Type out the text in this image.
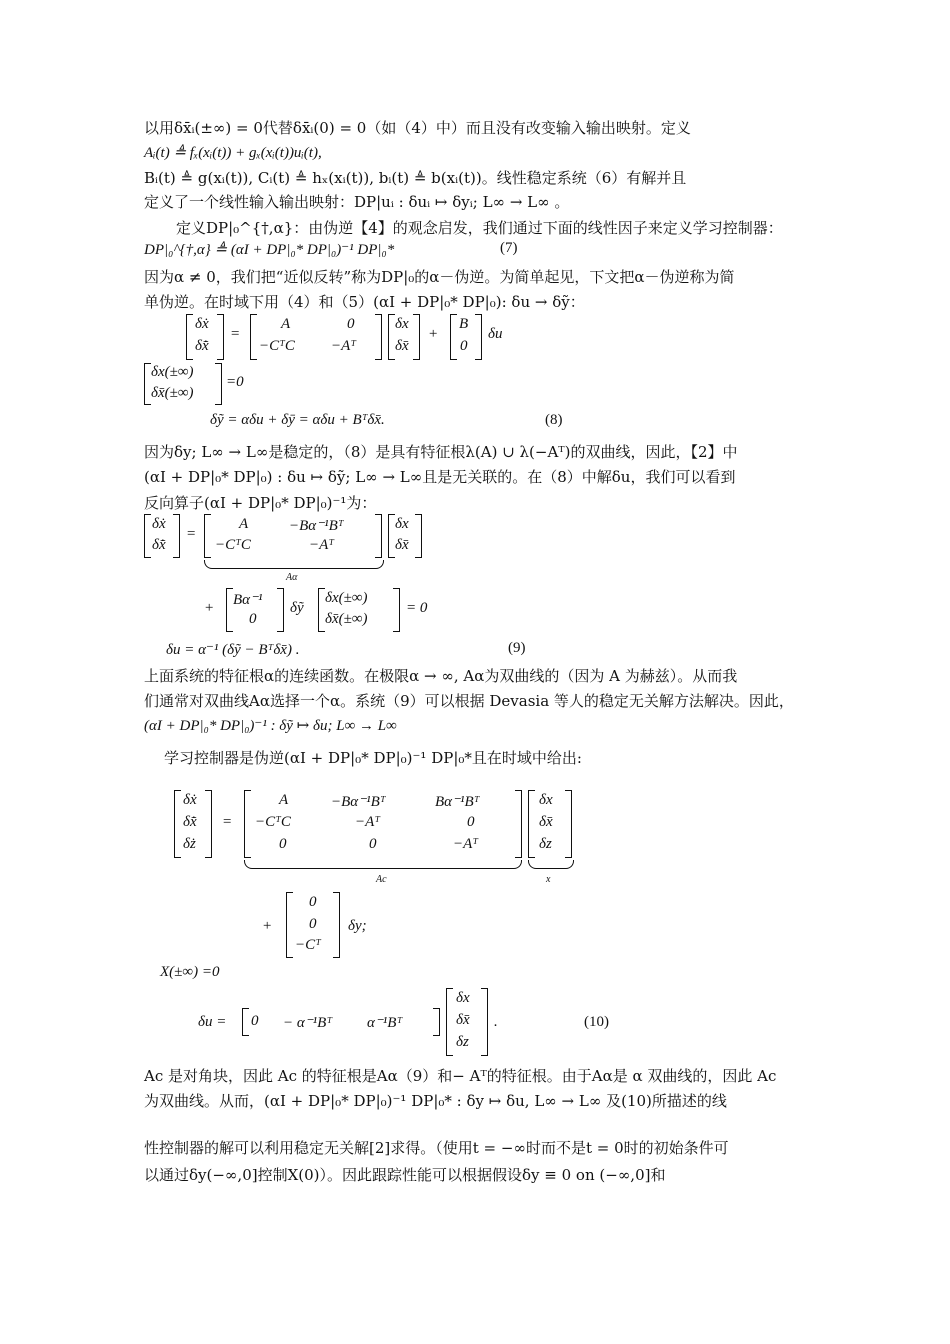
以用δx̄ᵢ(±∞) = 0代替δx̄ᵢ(0) = 0（如（4）中）而且没有改变输入输出映射。定义
Aᵢ(t) ≜ fₓ(xᵢ(t)) + gₓ(xᵢ(t))uᵢ(t),
Bᵢ(t) ≜ g(xᵢ(t)), Cᵢ(t) ≜ hₓ(xᵢ(t)), bᵢ(t) ≜ b(xᵢ(t))。线性稳定系统（6）有解并且
定义了一个线性输入输出映射：DP|uᵢ : δuᵢ ↦ δyᵢ; L∞ → L∞ 。
定义DP|₀^{†,α}：由伪逆【4】的观念启发，我们通过下面的线性因子来定义学习控制器：
DP|₀^{†,α} ≜ (αI + DP|₀* DP|₀)⁻¹ DP|₀*	(7)
因为α ≠ 0，我们把“近似反转”称为DP|₀的α－伪逆。为简单起见，下文把α－伪逆称为简
单伪逆。在时域下用（4）和（5）(αI + DP|₀* DP|₀): δu → δỹ：
δẋ
δx̄̇
=
A	0
−CᵀC −Aᵀ
δx
δx̄
+
B
0
δu
δx(±∞)
δx̄(±∞)
=0
δỹ = αδu + δȳ = αδu + Bᵀδx̄.	(8)
因为δy; L∞ → L∞是稳定的，（8）是具有特征根λ(A) ∪ λ(−Aᵀ)的双曲线，因此，【2】中
(αI + DP|₀* DP|₀) : δu ↦ δỹ; L∞ → L∞且是无关联的。在（8）中解δu，我们可以看到
反向算子(αI + DP|₀* DP|₀)⁻¹为：
δẋ
δx̄̇
=
A	−Bα⁻¹Bᵀ
−CᵀC	−Aᵀ
Aα
δx
δx̄
+ Bα⁻¹
0
δỹ
δx(±∞)
δx̄(±∞)
= 0
δu = α⁻¹ (δỹ − Bᵀδx̄) .	(9)
上面系统的特征根α的连续函数。在极限α → ∞, Aα为双曲线的（因为 A 为赫兹）。从而我
们通常对双曲线Aα选择一个α。系统（9）可以根据 Devasia 等人的稳定无关解方法解决。因此，
(αI + DP|₀* DP|₀)⁻¹ : δỹ ↦ δu; L∞ → L∞
学习控制器是伪逆(αI + DP|₀* DP|₀)⁻¹ DP|₀*且在时域中给出:
δẋ
δx̄̇
δż
=
A	−Bα⁻¹Bᵀ	Bα⁻¹Bᵀ
−CᵀC	−Aᵀ	0
0	0	−Aᵀ
Ac
δx
δx̄
δz
x
+
0
0
−Cᵀ
δy;
X(±∞) =0
δu = 0 − α⁻¹Bᵀ α⁻¹Bᵀ
δx
δx̄
δz
.	(10)
Ac 是对角块，因此 Ac 的特征根是Aα（9）和− Aᵀ的特征根。由于Aα是 α 双曲线的，因此 Ac
为双曲线。从而，(αI + DP|₀* DP|₀)⁻¹ DP|₀* : δy ↦ δu, L∞ → L∞ 及(10)所描述的线
性控制器的解可以利用稳定无关解[2]求得。（使用t = −∞时而不是t = 0时的初始条件可
以通过δy(−∞,0]控制X(0)）。因此跟踪性能可以根据假设δy ≡ 0 on (−∞,0]和
